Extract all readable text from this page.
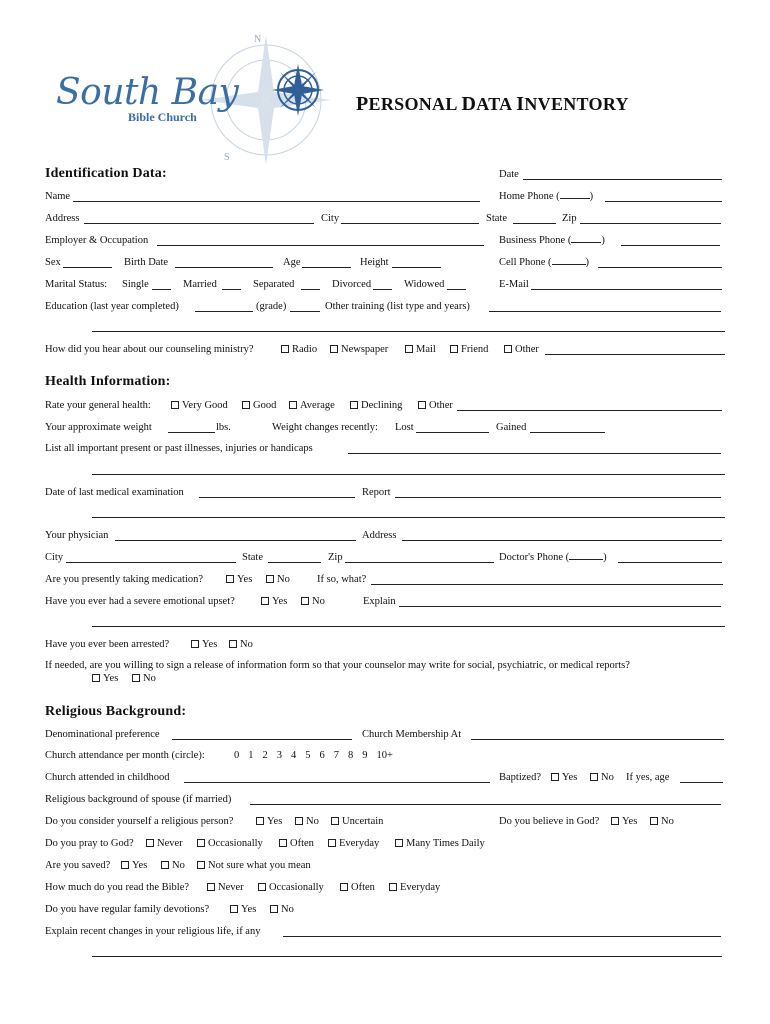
N
S
South Bay
Bible Church
PERSONAL DATA INVENTORY
Identification Data:	Date
Name	Home Phone (	)
Address	City	State	Zip
Employer & Occupation	Business Phone (	)
Sex	Birth Date	Age	Height	Cell Phone (	)
Marital Status: Single	Married	Separated	Divorced	Widowed	E-Mail
Education (last year completed)	(grade)	Other training (list type and years)
How did you hear about our counseling ministry?	Radio	Newspaper	Mail	Friend	Other
Health Information:
Rate your general health:	Very Good	Good	Average	Declining	Other
Your approximate weight	lbs.	Weight changes recently: Lost	Gained
List all important present or past illnesses, injuries or handicaps
Date of last medical examination	Report
Your physician	Address
City	State	Zip	Doctor's Phone (	)
Are you presently taking medication?	Yes	No	If so, what?
Have you ever had a severe emotional upset?	Yes	No	Explain
Have you ever been arrested?	Yes	No
If needed, are you willing to sign a release of information form so that your counselor may write for social, psychiatric, or medical reports?
Yes	No
Religious Background:
Denominational preference	Church Membership At
Church attendance per month (circle):	0 1 2 3 4 5 6 7 8 9 10+
Church attended in childhood	Baptized?	Yes	No If yes, age
Religious background of spouse (if married)
Do you consider yourself a religious person?	Yes	No	Uncertain	Do you believe in God?	Yes	No
Do you pray to God?	Never	Occasionally	Often	Everyday	Many Times Daily
Are you saved?	Yes	No	Not sure what you mean
How much do you read the Bible?	Never	Occasionally	Often	Everyday
Do you have regular family devotions?	Yes	No
Explain recent changes in your religious life, if any
